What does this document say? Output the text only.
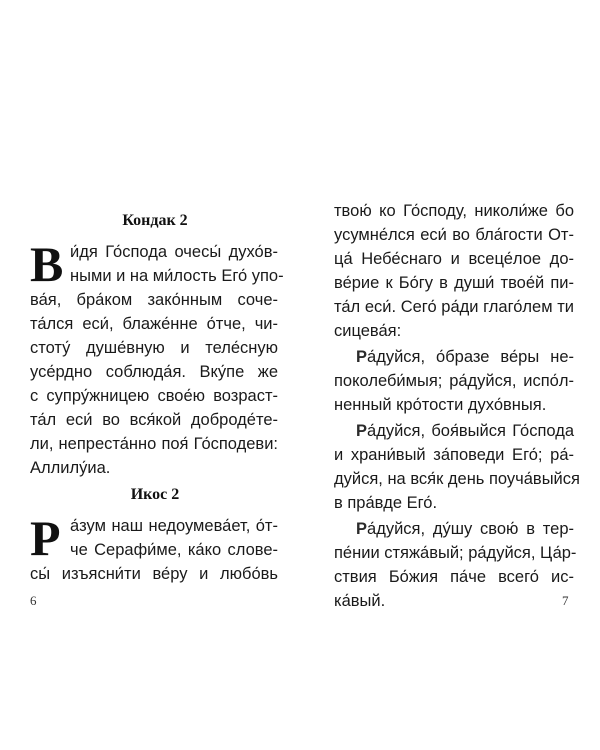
Кондак 2
В и́дя Го́спода очесы́ духо́в-
ными и на ми́лость Его́ упо-
ва́я, бра́ком зако́нным сочe-
та́лся еси́, блаже́нне о́тче, чи-
стоту́ душе́вную и теле́сную
усе́рдно соблюда́я. Вку́пе же
с супру́жницею свое́ю возраст-
та́л еси́ во вся́кой доброде́те-
ли, непреста́нно поя́ Го́сподеви:
Аллилу́иа.
Икос 2
Р а́зум наш недоумева́ет, о́т-
че Серафи́ме, ка́ко слове-
сы́ изъясни́ти ве́ру и любо́вь
6
твою́ ко Го́споду, николи́же бо
усумне́лся еси́ во бла́гости От-
ца́ Небе́снаго и всеце́лое до-
ве́рие к Бо́гу в души́ твое́й пи-
та́л еси́. Сего́ ра́ди глаго́лем ти
сицева́я:
Ра́дуйся, о́бразе ве́ры не-
поколеби́мыя; ра́дуйся, испо́л-
ненный кро́тости духо́вныя.
Ра́дуйся, боя́выйся Го́спода
и храни́вый за́поведи Его́; ра́-
дуйся, на вся́к день поуча́выйся
в пра́вде Его́.
Ра́дуйся, ду́шу свою́ в тер-
пе́нии стяжа́вый; ра́дуйся, Ца́р-
ствия Бо́жия па́че всего́ ис-
ка́вый.	7
